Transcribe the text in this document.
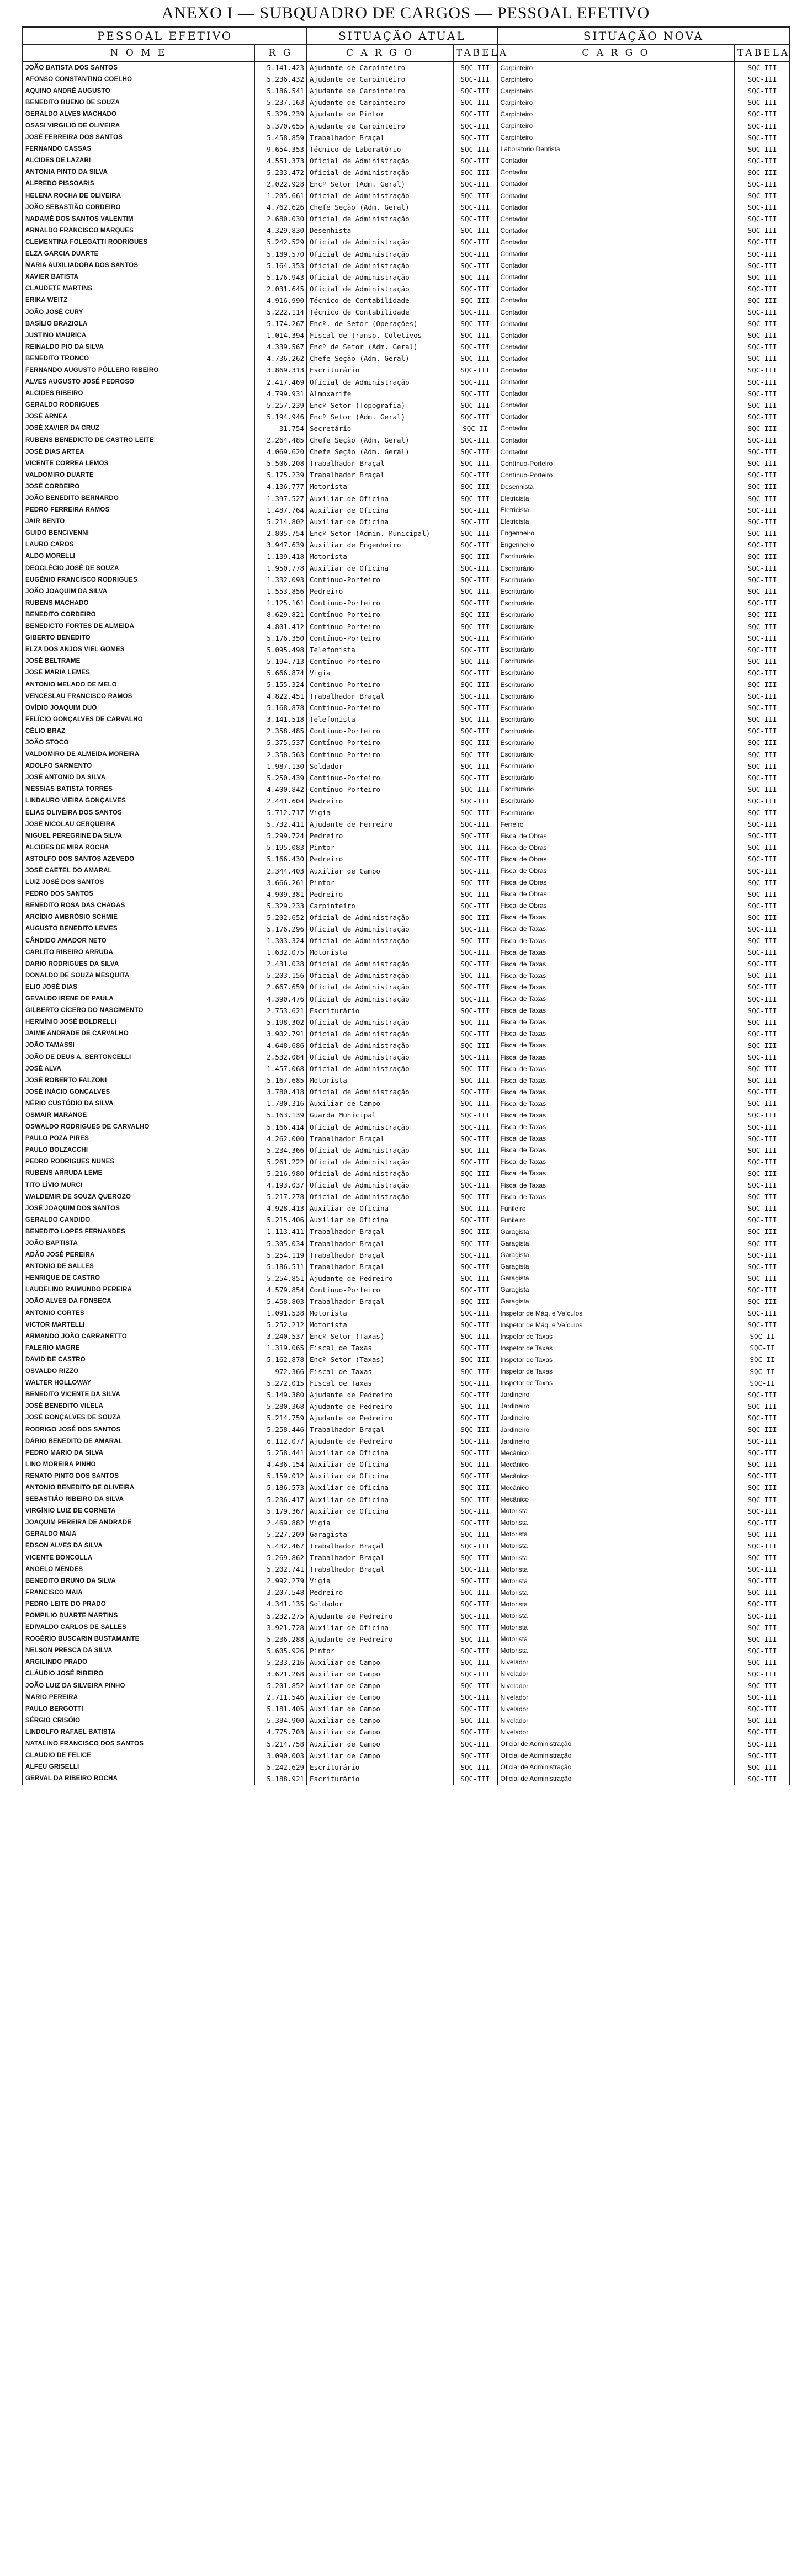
ANEXO I — SUBQUADRO DE CARGOS — PESSOAL EFETIVO
PESSOAL EFETIVO		SITUAÇÃO ATUAL		SITUAÇÃO NOVA	
N O M E	R G	C A R G O	TABELA	C A R G O	TABELA
JOÃO BATISTA DOS SANTOS	5.141.423	Ajudante de Carpinteiro	SQC-III	Carpinteiro	SQC-III
AFONSO CONSTANTINO COELHO	5.236.432	Ajudante de Carpinteiro	SQC-III	Carpinteiro	SQC-III
AQUINO ANDRÉ AUGUSTO	5.186.541	Ajudante de Carpinteiro	SQC-III	Carpinteiro	SQC-III
BENEDITO BUENO DE SOUZA	5.237.163	Ajudante de Carpinteiro	SQC-III	Carpinteiro	SQC-III
GERALDO ALVES MACHADO	5.329.239	Ajudante de Pintor	SQC-III	Carpinteiro	SQC-III
OSASI VIRGILIO DE OLIVEIRA	5.370.655	Ajudante de Carpinteiro	SQC-III	Carpinteiro	SQC-III
JOSÉ FERREIRA DOS SANTOS	5.458.859	Trabalhador Braçal	SQC-III	Carpinteiro	SQC-III
FERNANDO CASSAS	9.654.353	Técnico de Laboratório	SQC-III	Laboratório Dentista	SQC-III
ALCIDES DE LAZARI	4.551.373	Oficial de Administração	SQC-III	Contador	SQC-III
ANTONIA PINTO DA SILVA	5.233.472	Oficial de Administração	SQC-III	Contador	SQC-III
ALFREDO PISSOARIS	2.022.928	Encº Setor (Adm. Geral)	SQC-III	Contador	SQC-III
HELENA ROCHA DE OLIVEIRA	1.205.661	Oficial de Administração	SQC-III	Contador	SQC-III
JOÃO SEBASTIÃO CORDEIRO	4.762.626	Chefe Seção (Adm. Geral)	SQC-III	Contador	SQC-III
NADAMÉ DOS SANTOS VALENTIM	2.680.030	Oficial de Administração	SQC-III	Contador	SQC-III
ARNALDO FRANCISCO MARQUES	4.329.830	Desenhista	SQC-III	Contador	SQC-III
CLEMENTINA FOLEGATTI RODRIGUES	5.242.529	Oficial de Administração	SQC-III	Contador	SQC-III
ELZA GARCIA DUARTE	5.189.570	Oficial de Administração	SQC-III	Contador	SQC-III
MARIA AUXILIADORA DOS SANTOS	5.164.353	Oficial de Administração	SQC-III	Contador	SQC-III
XAVIER BATISTA	5.176.943	Oficial de Administração	SQC-III	Contador	SQC-III
CLAUDETE MARTINS	2.031.645	Oficial de Administração	SQC-III	Contador	SQC-III
ERIKA WEITZ	4.916.990	Técnico de Contabilidade	SQC-III	Contador	SQC-III
JOÃO JOSÉ CURY	5.222.114	Técnico de Contabilidade	SQC-III	Contador	SQC-III
BASÍLIO BRAZIOLA	5.174.267	Encº. de Setor (Operações)	SQC-III	Contador	SQC-III
JUSTINO MAURICA	1.014.394	Fiscal de Transp. Coletivos	SQC-III	Contador	SQC-III
REINALDO PIO DA SILVA	4.339.567	Encº de Setor (Adm. Geral)	SQC-III	Contador	SQC-III
BENEDITO TRONCO	4.736.262	Chefe Seção (Adm. Geral)	SQC-III	Contador	SQC-III
FERNANDO AUGUSTO PÔLLERO RIBEIRO	3.869.313	Escriturário	SQC-III	Contador	SQC-III
ALVES AUGUSTO JOSÉ PEDROSO	2.417.469	Oficial de Administração	SQC-III	Contador	SQC-III
ALCIDES RIBEIRO	4.799.931	Almoxarife	SQC-III	Contador	SQC-III
GERALDO RODRIGUES	5.257.239	Encº Setor (Topografia)	SQC-III	Contador	SQC-III
JOSÉ ARNEA	5.194.946	Encº Setor (Adm. Geral)	SQC-III	Contador	SQC-III
JOSÉ XAVIER DA CRUZ	31.754	Secretário	SQC-II	Contador	SQC-III
RUBENS BENEDICTO DE CASTRO LEITE	2.264.485	Chefe Seção (Adm. Geral)	SQC-III	Contador	SQC-III
JOSÉ DIAS ARTEA	4.069.620	Chefe Seção (Adm. Geral)	SQC-III	Contador	SQC-III
VICENTE CORREA LEMOS	5.506.208	Trabalhador Braçal	SQC-III	Contínuo-Porteiro	SQC-III
VALDOMIRO DUARTE	5.175.239	Trabalhador Braçal	SQC-III	Contínuo-Porteiro	SQC-III
JOSÉ CORDEIRO	4.136.777	Motorista	SQC-III	Desenhista	SQC-III
JOÃO BENEDITO BERNARDO	1.397.527	Auxiliar de Oficina	SQC-III	Eletricista	SQC-III
PEDRO FERREIRA RAMOS	1.487.764	Auxiliar de Oficina	SQC-III	Eletricista	SQC-III
JAIR BENTO	5.214.802	Auxiliar de Oficina	SQC-III	Eletricista	SQC-III
GUIDO BENCIVENNI	2.805.754	Encº Setor (Admin. Municipal)	SQC-III	Engenheiro	SQC-III
LAURO CAROS	3.947.639	Auxiliar de Engenheiro	SQC-III	Engenheiro	SQC-III
ALDO MORELLI	1.139.418	Motorista	SQC-III	Escriturário	SQC-III
DEOCLÉCIO JOSÉ DE SOUZA	1.950.778	Auxiliar de Oficina	SQC-III	Escriturário	SQC-III
EUGÊNIO FRANCISCO RODRIGUES	1.332.093	Contínuo-Porteiro	SQC-III	Escriturário	SQC-III
JOÃO JOAQUIM DA SILVA	1.553.856	Pedreiro	SQC-III	Escriturário	SQC-III
RUBENS MACHADO	1.125.161	Contínuo-Porteiro	SQC-III	Escriturário	SQC-III
BENEDITO CORDEIRO	8.629.821	Contínuo-Porteiro	SQC-III	Escriturário	SQC-III
BENEDICTO FORTES DE ALMEIDA	4.801.412	Contínuo-Porteiro	SQC-III	Escriturário	SQC-III
GIBERTO BENEDITO	5.176.350	Contínuo-Porteiro	SQC-III	Escriturário	SQC-III
ELZA DOS ANJOS VIEL GOMES	5.095.498	Telefonista	SQC-III	Escriturário	SQC-III
JOSÉ BELTRAME	5.194.713	Contínuo-Porteiro	SQC-III	Escriturário	SQC-III
JOSÉ MARIA LEMES	5.666.874	Vigia	SQC-III	Escriturário	SQC-III
ANTONIO MELADO DE MELO	5.155.324	Contínuo-Porteiro	SQC-III	Escriturário	SQC-III
VENCESLAU FRANCISCO RAMOS	4.822.451	Trabalhador Braçal	SQC-III	Escriturário	SQC-III
OVÍDIO JOAQUIM DUÓ	5.168.878	Contínuo-Porteiro	SQC-III	Escriturário	SQC-III
FELÍCIO GONÇALVES DE CARVALHO	3.141.518	Telefonista	SQC-III	Escriturário	SQC-III
CÉLIO BRAZ	2.358.485	Contínuo-Porteiro	SQC-III	Escriturário	SQC-III
JOÃO STOCO	5.375.537	Contínuo-Porteiro	SQC-III	Escriturário	SQC-III
VALDOMIRO DE ALMEIDA MOREIRA	2.358.563	Contínuo-Porteiro	SQC-III	Escriturário	SQC-III
ADOLFO SARMENTO	1.987.130	Soldador	SQC-III	Escriturário	SQC-III
JOSÉ ANTONIO DA SILVA	5.250.439	Contínuo-Porteiro	SQC-III	Escriturário	SQC-III
MESSIAS BATISTA TORRES	4.400.842	Contínuo-Porteiro	SQC-III	Escriturário	SQC-III
LINDAURO VIEIRA GONÇALVES	2.441.604	Pedreiro	SQC-III	Escriturário	SQC-III
ELIAS OLIVEIRA DOS SANTOS	5.712.717	Vigia	SQC-III	Escriturário	SQC-III
JOSÉ NICOLAU CERQUEIRA	5.732.411	Ajudante de Ferreiro	SQC-III	Ferreiro	SQC-III
MIGUEL PEREGRINE DA SILVA	5.299.724	Pedreiro	SQC-III	Fiscal de Obras	SQC-III
ALCIDES DE MIRA ROCHA	5.195.083	Pintor	SQC-III	Fiscal de Obras	SQC-III
ASTOLFO DOS SANTOS AZEVEDO	5.166.430	Pedreiro	SQC-III	Fiscal de Obras	SQC-III
JOSÉ CAETEL DO AMARAL	2.344.403	Auxiliar de Campo	SQC-III	Fiscal de Obras	SQC-III
LUIZ JOSÉ DOS SANTOS	3.666.261	Pintor	SQC-III	Fiscal de Obras	SQC-III
PEDRO DOS SANTOS	4.909.381	Pedreiro	SQC-III	Fiscal de Obras	SQC-III
BENEDITO ROSA DAS CHAGAS	5.329.233	Carpinteiro	SQC-III	Fiscal de Obras	SQC-III
ARCÍDIO AMBRÓSIO SCHMIE	5.202.652	Oficial de Administração	SQC-III	Fiscal de Taxas	SQC-III
AUGUSTO BENEDITO LEMES	5.176.296	Oficial de Administração	SQC-III	Fiscal de Taxas	SQC-III
CÂNDIDO AMADOR NETO	1.303.324	Oficial de Administração	SQC-III	Fiscal de Taxas	SQC-III
CARLITO RIBEIRO ARRUDA	1.632.075	Motorista	SQC-III	Fiscal de Taxas	SQC-III
DARIO RODRIGUES DA SILVA	2.431.038	Oficial de Administração	SQC-III	Fiscal de Taxas	SQC-III
DONALDO DE SOUZA MESQUITA	5.203.156	Oficial de Administração	SQC-III	Fiscal de Taxas	SQC-III
ELIO JOSÉ DIAS	2.667.659	Oficial de Administração	SQC-III	Fiscal de Taxas	SQC-III
GEVALDO IRENE DE PAULA	4.390.476	Oficial de Administração	SQC-III	Fiscal de Taxas	SQC-III
GILBERTO CÍCERO DO NASCIMENTO	2.753.621	Escriturário	SQC-III	Fiscal de Taxas	SQC-III
HERMÍNIO JOSÉ BOLDRELLI	5.198.302	Oficial de Administração	SQC-III	Fiscal de Taxas	SQC-III
JAIME ANDRADE DE CARVALHO	3.902.791	Oficial de Administração	SQC-III	Fiscal de Taxas	SQC-III
JOÃO TAMASSI	4.648.686	Oficial de Administração	SQC-III	Fiscal de Taxas	SQC-III
JOÃO DE DEUS A. BERTONCELLI	2.532.084	Oficial de Administração	SQC-III	Fiscal de Taxas	SQC-III
JOSÉ ALVA	1.457.068	Oficial de Administração	SQC-III	Fiscal de Taxas	SQC-III
JOSÉ ROBERTO FALZONI	5.167.685	Motorista	SQC-III	Fiscal de Taxas	SQC-III
JOSÉ INÁCIO GONÇALVES	3.780.418	Oficial de Administração	SQC-III	Fiscal de Taxas	SQC-III
NÉRIO CUSTÓDIO DA SILVA	1.780.316	Auxiliar de Campo	SQC-III	Fiscal de Taxas	SQC-III
OSMAIR MARANGE	5.163.139	Guarda Municipal	SQC-III	Fiscal de Taxas	SQC-III
OSWALDO RODRIGUES DE CARVALHO	5.166.414	Oficial de Administração	SQC-III	Fiscal de Taxas	SQC-III
PAULO POZA PIRES	4.262.000	Trabalhador Braçal	SQC-III	Fiscal de Taxas	SQC-III
PAULO BOLZACCHI	5.234.366	Oficial de Administração	SQC-III	Fiscal de Taxas	SQC-III
PEDRO RODRIGUES NUNES	5.261.222	Oficial de Administração	SQC-III	Fiscal de Taxas	SQC-III
RUBENS ARRUDA LEME	5.216.980	Oficial de Administração	SQC-III	Fiscal de Taxas	SQC-III
TITO LÍVIO MURCI	4.193.037	Oficial de Administração	SQC-III	Fiscal de Taxas	SQC-III
WALDEMIR DE SOUZA QUEROZO	5.217.278	Oficial de Administração	SQC-III	Fiscal de Taxas	SQC-III
JOSÉ JOAQUIM DOS SANTOS	4.928.413	Auxiliar de Oficina	SQC-III	Funileiro	SQC-III
GERALDO CANDIDO	5.215.406	Auxiliar de Oficina	SQC-III	Funileiro	SQC-III
BENEDITO LOPES FERNANDES	1.113.411	Trabalhador Braçal	SQC-III	Garagista	SQC-III
JOÃO BAPTISTA	5.305.034	Trabalhador Braçal	SQC-III	Garagista	SQC-III
ADÃO JOSÉ PEREIRA	5.254.119	Trabalhador Braçal	SQC-III	Garagista	SQC-III
ANTONIO DE SALLES	5.186.511	Trabalhador Braçal	SQC-III	Garagista	SQC-III
HENRIQUE DE CASTRO	5.254.851	Ajudante de Pedreiro	SQC-III	Garagista	SQC-III
LAUDELINO RAIMUNDO PEREIRA	4.579.854	Contínuo-Porteiro	SQC-III	Garagista	SQC-III
JOÃO ALVES DA FONSECA	5.458.803	Trabalhador Braçal	SQC-III	Garagista	SQC-III
ANTONIO CORTES	1.091.538	Motorista	SQC-III	Inspetor de Máq. e Veículos	SQC-III
VICTOR MARTELLI	5.252.212	Motorista	SQC-III	Inspetor de Máq. e Veículos	SQC-III
ARMANDO JOÃO CARRANETTO	3.240.537	Encº Setor (Taxas)	SQC-III	Inspetor de Taxas	SQC-II
FALERIO MAGRE	1.319.065	Fiscal de Taxas	SQC-III	Inspetor de Taxas	SQC-II
DAVID DE CASTRO	5.162.878	Encº Setor (Taxas)	SQC-III	Inspetor de Taxas	SQC-II
OSVALDO RIZZO	972.366	Fiscal de Taxas	SQC-III	Inspetor de Taxas	SQC-II
WALTER HOLLOWAY	5.272.015	Fiscal de Taxas	SQC-III	Inspetor de Taxas	SQC-II
BENEDITO VICENTE DA SILVA	5.149.380	Ajudante de Pedreiro	SQC-III	Jardineiro	SQC-III
JOSÉ BENEDITO VILELA	5.280.368	Ajudante de Pedreiro	SQC-III	Jardineiro	SQC-III
JOSÉ GONÇALVES DE SOUZA	5.214.759	Ajudante de Pedreiro	SQC-III	Jardineiro	SQC-III
RODRIGO JOSÉ DOS SANTOS	5.258.446	Trabalhador Braçal	SQC-III	Jardineiro	SQC-III
DÁRIO BENEDITO DE AMARAL	6.112.077	Ajudante de Pedreiro	SQC-III	Jardineiro	SQC-III
PEDRO MARIO DA SILVA	5.258.441	Auxiliar de Oficina	SQC-III	Mecânico	SQC-III
LINO MOREIRA PINHO	4.436.154	Auxiliar de Oficina	SQC-III	Mecânico	SQC-III
RENATO PINTO DOS SANTOS	5.159.012	Auxiliar de Oficina	SQC-III	Mecânico	SQC-III
ANTONIO BENEDITO DE OLIVEIRA	5.186.573	Auxiliar de Oficina	SQC-III	Mecânico	SQC-III
SEBASTIÃO RIBEIRO DA SILVA	5.236.417	Auxiliar de Oficina	SQC-III	Mecânico	SQC-III
VIRGÍNIO LUIZ DE CORNETA	5.179.367	Auxiliar de Oficina	SQC-III	Motorista	SQC-III
JOAQUIM PEREIRA DE ANDRADE	2.469.882	Vigia	SQC-III	Motorista	SQC-III
GERALDO MAIA	5.227.209	Garagista	SQC-III	Motorista	SQC-III
EDSON ALVES DA SILVA	5.432.467	Trabalhador Braçal	SQC-III	Motorista	SQC-III
VICENTE BONCOLLA	5.269.862	Trabalhador Braçal	SQC-III	Motorista	SQC-III
ANGELO MENDES	5.202.741	Trabalhador Braçal	SQC-III	Motorista	SQC-III
BENEDITO BRUNO DA SILVA	2.992.279	Vigia	SQC-III	Motorista	SQC-III
FRANCISCO MAIA	3.207.548	Pedreiro	SQC-III	Motorista	SQC-III
PEDRO LEITE DO PRADO	4.341.135	Soldador	SQC-III	Motorista	SQC-III
POMPILIO DUARTE MARTINS	5.232.275	Ajudante de Pedreiro	SQC-III	Motorista	SQC-III
EDIVALDO CARLOS DE SALLES	3.921.728	Auxiliar de Oficina	SQC-III	Motorista	SQC-III
ROGÉRIO BUSCARIN BUSTAMANTE	5.236.288	Ajudante de Pedreiro	SQC-III	Motorista	SQC-III
NELSON PRESCA DA SILVA	5.605.926	Pintor	SQC-III	Motorista	SQC-III
ARGILINDO PRADO	5.233.216	Auxiliar de Campo	SQC-III	Nivelador	SQC-III
CLÁUDIO JOSÉ RIBEIRO	3.621.268	Auxiliar de Campo	SQC-III	Nivelador	SQC-III
JOÃO LUIZ DA SILVEIRA PINHO	5.201.852	Auxiliar de Campo	SQC-III	Nivelador	SQC-III
MARIO PEREIRA	2.711.546	Auxiliar de Campo	SQC-III	Nivelador	SQC-III
PAULO BERGOTTI	5.181.405	Auxiliar de Campo	SQC-III	Nivelador	SQC-III
SÉRGIO CRISÓIO	5.384.900	Auxiliar de Campo	SQC-III	Nivelador	SQC-III
LINDOLFO RAFAEL BATISTA	4.775.703	Auxiliar de Campo	SQC-III	Nivelador	SQC-III
NATALINO FRANCISCO DOS SANTOS	5.214.758	Auxiliar de Campo	SQC-III	Oficial de Administração	SQC-III
CLAUDIO DE FELICE	3.090.003	Auxiliar de Campo	SQC-III	Oficial de Administração	SQC-III
ALFEU GRISELLI	5.242.629	Escriturário	SQC-III	Oficial de Administração	SQC-III
GERVAL DA RIBEIRO ROCHA	5.188.921	Escriturário	SQC-III	Oficial de Administração	SQC-III
